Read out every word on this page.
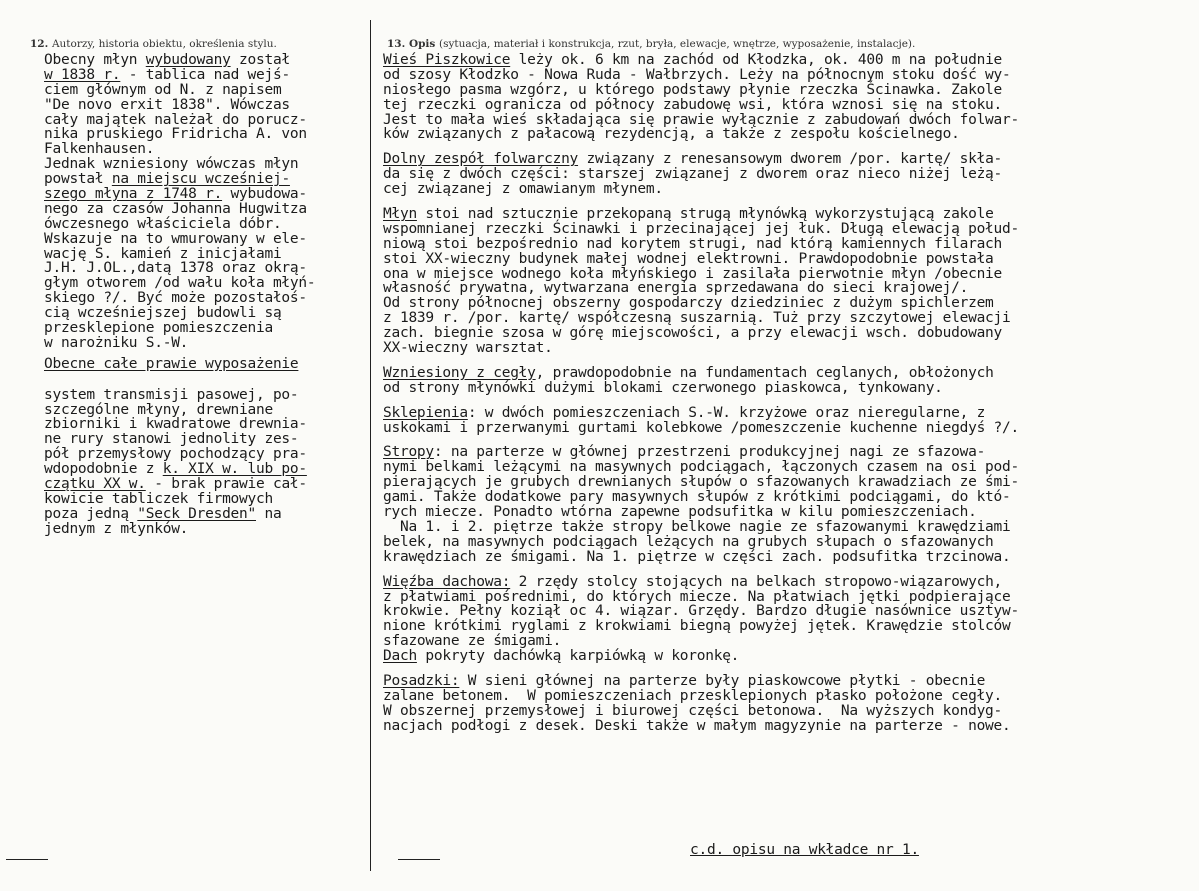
12. Autorzy, historia obiektu, określenia stylu.	13. Opis (sytuacja, materiał i konstrukcja, rzut, bryła, elewacje, wnętrze, wyposażenie, instalacje).
Obecny młyn wybudowany został
w 1838 r. - tablica nad wejś-
ciem głównym od N. z napisem
"De novo erxit 1838". Wówczas
cały majątek należał do porucz-
nika pruskiego Fridricha A. von
Falkenhausen.
Jednak wzniesiony wówczas młyn
powstał na miejscu wcześniej-
szego młyna z 1748 r. wybudowa-
nego za czasów Johanna Hugwitza
ówczesnego właściciela dóbr.
Wskazuje na to wmurowany w ele-
wację S. kamień z inicjałami
J.H. J.OL.,datą 1378 oraz okrą-
głym otworem /od wału koła młyń-
skiego ?/. Być może pozostałoś-
cią wcześniejszej budowli są
przesklepione pomieszczenia
w narożniku S.-W.
Obecne całe prawie wyposażenie
system transmisji pasowej, po-
szczególne młyny, drewniane
zbiorniki i kwadratowe drewnia-
ne rury stanowi jednolity zes-
pół przemysłowy pochodzący pra-
wdopodobnie z k. XIX w. lub po-
czątku XX w. - brak prawie cał-
kowicie tabliczek firmowych
poza jedną "Seck Dresden" na
jednym z młynków.
Wieś Piszkowice leży ok. 6 km na zachód od Kłodzka, ok. 400 m na południe
od szosy Kłodzko - Nowa Ruda - Wałbrzych. Leży na północnym stoku dość wy-
niosłego pasma wzgórz, u którego podstawy płynie rzeczka Ścinawka. Zakole
tej rzeczki ogranicza od północy zabudowę wsi, która wznosi się na stoku.
Jest to mała wieś składająca się prawie wyłącznie z zabudowań dwóch folwar-
ków związanych z pałacową rezydencją, a także z zespołu kościelnego.
Dolny zespół folwarczny związany z renesansowym dworem /por. kartę/ skła-
da się z dwóch części: starszej związanej z dworem oraz nieco niżej leżą-
cej związanej z omawianym młynem.
Młyn stoi nad sztucznie przekopaną strugą młynówką wykorzystującą zakole
wspomnianej rzeczki Ścinawki i przecinającej jej łuk. Długą elewacją połud-
niową stoi bezpośrednio nad korytem strugi, nad którą kamiennych filarach
stoi XX-wieczny budynek małej wodnej elektrowni. Prawdopodobnie powstała
ona w miejsce wodnego koła młyńskiego i zasilała pierwotnie młyn /obecnie
własność prywatna, wytwarzana energia sprzedawana do sieci krajowej/.
Od strony północnej obszerny gospodarczy dziedziniec z dużym spichlerzem
z 1839 r. /por. kartę/ współczesną suszarnią. Tuż przy szczytowej elewacji
zach. biegnie szosa w górę miejscowości, a przy elewacji wsch. dobudowany
XX-wieczny warsztat.
Wzniesiony z cegły, prawdopodobnie na fundamentach ceglanych, obłożonych
od strony młynówki dużymi blokami czerwonego piaskowca, tynkowany.
Sklepienia: w dwóch pomieszczeniach S.-W. krzyżowe oraz nieregularne, z
uskokami i przerwanymi gurtami kolebkowe /pomeszczenie kuchenne niegdyś ?/.
Stropy: na parterze w głównej przestrzeni produkcyjnej nagi ze sfazowa-
nymi belkami leżącymi na masywnych podciągach, łączonych czasem na osi pod-
pierających je grubych drewnianych słupów o sfazowanych krawadziach ze śmi-
gami. Także dodatkowe pary masywnych słupów z krótkimi podciągami, do któ-
rych miecze. Ponadto wtórna zapewne podsufitka w kilu pomieszczeniach.
Na 1. i 2. piętrze także stropy belkowe nagie ze sfazowanymi krawędziami
belek, na masywnych podciągach leżących na grubych słupach o sfazowanych
krawędziach ze śmigami. Na 1. piętrze w części zach. podsufitka trzcinowa.
Więźba dachowa: 2 rzędy stolcy stojących na belkach stropowo-wiązarowych,
z płatwiami pośrednimi, do których miecze. Na płatwiach jętki podpierające
krokwie. Pełny koziął oc 4. wiązar. Grzędy. Bardzo długie nasównice usztyw-
nione krótkimi ryglami z krokwiami biegną powyżej jętek. Krawędzie stolców
sfazowane ze śmigami.
Dach pokryty dachówką karpiówką w koronkę.
Posadzki: W sieni głównej na parterze były piaskowcowe płytki - obecnie
zalane betonem.  W pomieszczeniach przesklepionych płasko położone cegły.
W obszernej przemysłowej i biurowej części betonowa.  Na wyższych kondyg-
nacjach podłogi z desek. Deski także w małym magyzynie na parterze - nowe.
c.d. opisu na wkładce nr 1.
